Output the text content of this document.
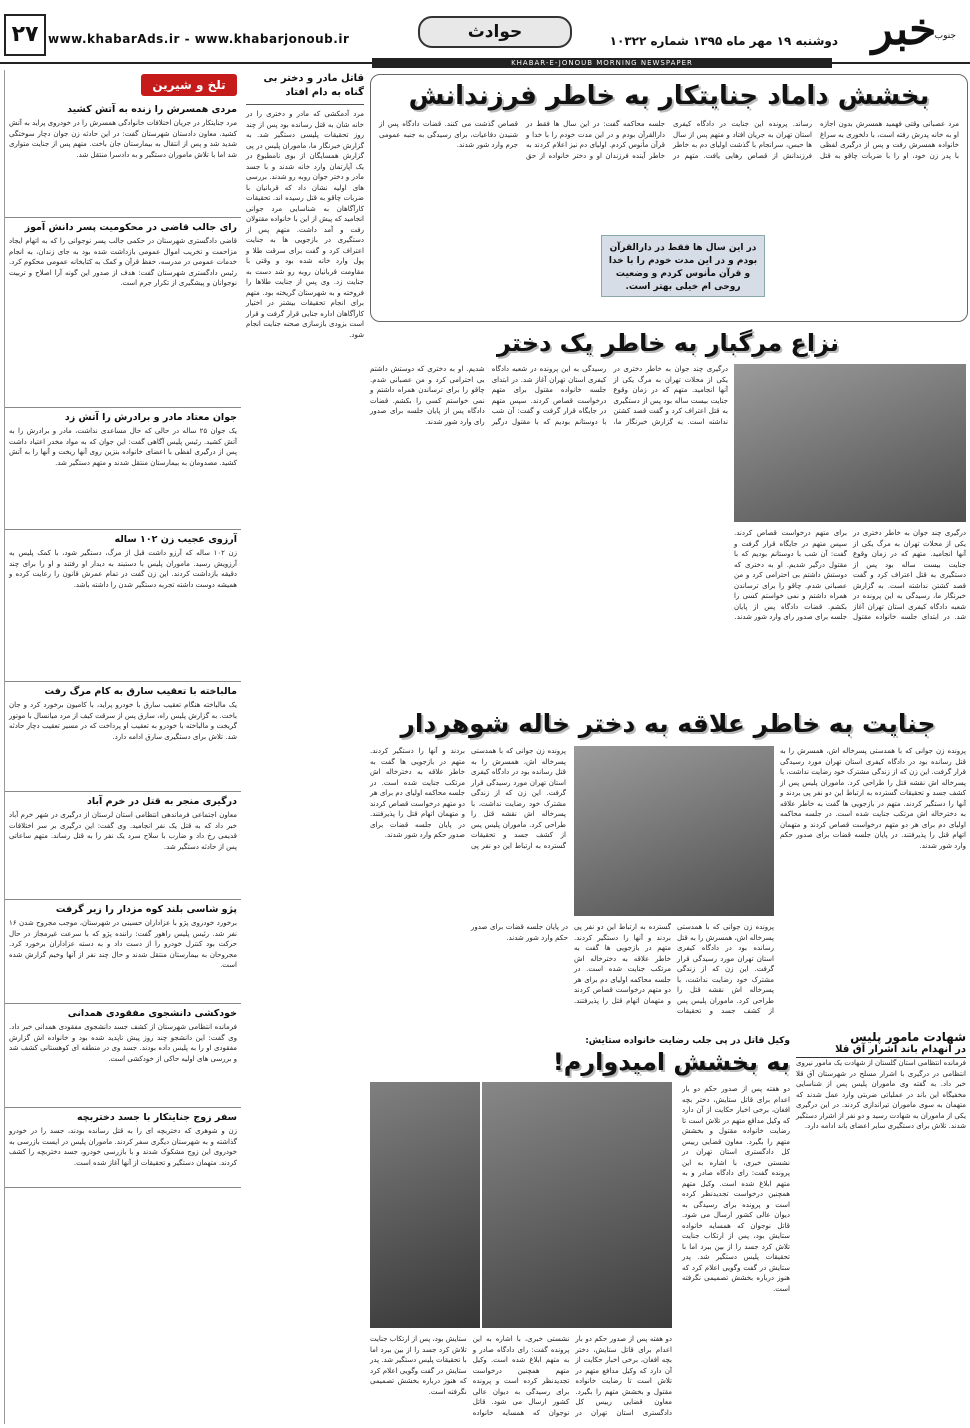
خبر
جنوب
دوشنبه ۱۹ مهر ماه ۱۳۹۵ شماره ۱۰۳۲۲
حوادث
www.khabarAds.ir - www.khabarjonoub.ir
۲۷
KHABAR-E-JONOUB MORNING NEWSPAPER
بخشش داماد جنایتکار به خاطر فرزندانش
مرد عصبانی وقتی فهمید همسرش بدون اجازه او به خانه پدرش رفته است، با دلخوری به سراغ خانواده همسرش رفت و پس از درگیری لفظی با پدر زن خود، او را با ضربات چاقو به قتل رساند. پرونده این جنایت در دادگاه کیفری استان تهران به جریان افتاد و متهم پس از سال ها حبس، سرانجام با گذشت اولیای دم به خاطر فرزندانش از قصاص رهایی یافت. متهم در جلسه محاکمه گفت: در این سال ها فقط در دارالقرآن بودم و در این مدت خودم را با خدا و قرآن مأنوس کردم. اولیای دم نیز اعلام کردند به خاطر آینده فرزندان او و دختر خانواده از حق قصاص گذشت می کنند. قضات دادگاه پس از شنیدن دفاعیات، برای رسیدگی به جنبه عمومی جرم وارد شور شدند.
در این سال ها فقط در دارالقرآن بودم و در این مدت خودم را با خدا و قرآن مأنوس کردم و وضعیت روحی ام خیلی بهتر است.
نزاع مرگبار به خاطر یک دختر
درگیری چند جوان به خاطر دختری در یکی از محلات تهران به مرگ یکی از آنها انجامید. متهم که در زمان وقوع جنایت بیست ساله بود پس از دستگیری به قتل اعتراف کرد و گفت قصد کشتن نداشته است. به گزارش خبرنگار ما، رسیدگی به این پرونده در شعبه دادگاه کیفری استان تهران آغاز شد. در ابتدای جلسه خانواده مقتول برای متهم درخواست قصاص کردند. سپس متهم در جایگاه قرار گرفت و گفت: آن شب با دوستانم بودیم که با مقتول درگیر شدیم. او به دختری که دوستش داشتم بی احترامی کرد و من عصبانی شدم. چاقو را برای ترساندن همراه داشتم و نمی خواستم کسی را بکشم. قضات دادگاه پس از پایان جلسه برای صدور رای وارد شور شدند.
درگیری چند جوان به خاطر دختری در یکی از محلات تهران به مرگ یکی از آنها انجامید. متهم که در زمان وقوع جنایت بیست ساله بود پس از دستگیری به قتل اعتراف کرد و گفت قصد کشتن نداشته است. به گزارش خبرنگار ما، رسیدگی به این پرونده در شعبه دادگاه کیفری استان تهران آغاز شد. در ابتدای جلسه خانواده مقتول برای متهم درخواست قصاص کردند. سپس متهم در جایگاه قرار گرفت و گفت: آن شب با دوستانم بودیم که با مقتول درگیر شدیم. او به دختری که دوستش داشتم بی احترامی کرد و من عصبانی شدم. چاقو را برای ترساندن همراه داشتم و نمی خواستم کسی را بکشم. قضات دادگاه پس از پایان جلسه برای صدور رای وارد شور شدند.
جنایت به خاطر علاقه به دختر خاله شوهردار
پرونده زن جوانی که با همدستی پسرخاله اش، همسرش را به قتل رسانده بود در دادگاه کیفری استان تهران مورد رسیدگی قرار گرفت. این زن که از زندگی مشترک خود رضایت نداشت، با پسرخاله اش نقشه قتل را طراحی کرد. ماموران پلیس پس از کشف جسد و تحقیقات گسترده به ارتباط این دو نفر پی بردند و آنها را دستگیر کردند. متهم در بازجویی ها گفت به خاطر علاقه به دخترخاله اش مرتکب جنایت شده است. در جلسه محاکمه اولیای دم برای هر دو متهم درخواست قصاص کردند و متهمان اتهام قتل را پذیرفتند. در پایان جلسه قضات برای صدور حکم وارد شور شدند.
پرونده زن جوانی که با همدستی پسرخاله اش، همسرش را به قتل رسانده بود در دادگاه کیفری استان تهران مورد رسیدگی قرار گرفت. این زن که از زندگی مشترک خود رضایت نداشت، با پسرخاله اش نقشه قتل را طراحی کرد. ماموران پلیس پس از کشف جسد و تحقیقات گسترده به ارتباط این دو نفر پی بردند و آنها را دستگیر کردند. متهم در بازجویی ها گفت به خاطر علاقه به دخترخاله اش مرتکب جنایت شده است. در جلسه محاکمه اولیای دم برای هر دو متهم درخواست قصاص کردند و متهمان اتهام قتل را پذیرفتند. در پایان جلسه قضات برای صدور حکم وارد شور شدند.
پرونده زن جوانی که با همدستی پسرخاله اش، همسرش را به قتل رسانده بود در دادگاه کیفری استان تهران مورد رسیدگی قرار گرفت. این زن که از زندگی مشترک خود رضایت نداشت، با پسرخاله اش نقشه قتل را طراحی کرد. ماموران پلیس پس از کشف جسد و تحقیقات گسترده به ارتباط این دو نفر پی بردند و آنها را دستگیر کردند. متهم در بازجویی ها گفت به خاطر علاقه به دخترخاله اش مرتکب جنایت شده است. در جلسه محاکمه اولیای دم برای هر دو متهم درخواست قصاص کردند و متهمان اتهام قتل را پذیرفتند. در پایان جلسه قضات برای صدور حکم وارد شور شدند.
شهادت مامور پلیس
در انهدام باند اشرار آق قلا
فرمانده انتظامی استان گلستان از شهادت یک مامور نیروی انتظامی در درگیری با اشرار مسلح در شهرستان آق قلا خبر داد. به گفته وی ماموران پلیس پس از شناسایی مخفیگاه این باند در عملیاتی ضربتی وارد عمل شدند که متهمان به سوی ماموران تیراندازی کردند. در این درگیری یکی از ماموران به شهادت رسید و دو نفر از اشرار دستگیر شدند. تلاش برای دستگیری سایر اعضای باند ادامه دارد.
وکیل قاتل در پی جلب رضایت خانواده ستایش:
به بخشش امیدوارم!
دو هفته پس از صدور حکم دو بار اعدام برای قاتل ستایش، دختر بچه افغان، برخی اخبار حکایت از آن دارد که وکیل مدافع متهم در تلاش است تا رضایت خانواده مقتول و بخشش متهم را بگیرد. معاون قضایی رییس کل دادگستری استان تهران در نشستی خبری، با اشاره به این پرونده گفت: رای دادگاه صادر و به متهم ابلاغ شده است. وکیل متهم همچنین درخواست تجدیدنظر کرده است و پرونده برای رسیدگی به دیوان عالی کشور ارسال می شود. قاتل نوجوان که همسایه خانواده ستایش بود، پس از ارتکاب جنایت تلاش کرد جسد را از بین ببرد اما با تحقیقات پلیس دستگیر شد. پدر ستایش در گفت وگویی اعلام کرد که هنوز درباره بخشش تصمیمی نگرفته است.
دو هفته پس از صدور حکم دو بار اعدام برای قاتل ستایش، دختر بچه افغان، برخی اخبار حکایت از آن دارد که وکیل مدافع متهم در تلاش است تا رضایت خانواده مقتول و بخشش متهم را بگیرد. معاون قضایی رییس کل دادگستری استان تهران در نشستی خبری، با اشاره به این پرونده گفت: رای دادگاه صادر و به متهم ابلاغ شده است. وکیل متهم همچنین درخواست تجدیدنظر کرده است و پرونده برای رسیدگی به دیوان عالی کشور ارسال می شود. قاتل نوجوان که همسایه خانواده ستایش بود، پس از ارتکاب جنایت تلاش کرد جسد را از بین ببرد اما با تحقیقات پلیس دستگیر شد. پدر ستایش در گفت وگویی اعلام کرد که هنوز درباره بخشش تصمیمی نگرفته است.
قاتل مادر و دختر بی گناه به دام افتاد
مرد آدمکشی که مادر و دختری را در خانه شان به قتل رسانده بود پس از چند روز تحقیقات پلیسی دستگیر شد. به گزارش خبرنگار ما، ماموران پلیس در پی گزارش همسایگان از بوی نامطبوع در یک آپارتمان وارد خانه شدند و با جسد مادر و دختر جوان روبه رو شدند. بررسی های اولیه نشان داد که قربانیان با ضربات چاقو به قتل رسیده اند. تحقیقات کارآگاهان به شناسایی مرد جوانی انجامید که پیش از این با خانواده مقتولان رفت و آمد داشت. متهم پس از دستگیری در بازجویی ها به جنایت اعتراف کرد و گفت برای سرقت طلا و پول وارد خانه شده بود و وقتی با مقاومت قربانیان روبه رو شد دست به جنایت زد. وی پس از جنایت طلاها را فروخته و به شهرستان گریخته بود. متهم برای انجام تحقیقات بیشتر در اختیار کارآگاهان اداره جنایی قرار گرفت و قرار است بزودی بازسازی صحنه جنایت انجام شود.
تلخ و شیرین
مردی همسرش را زنده به آتش کشید
مرد جنایتکار در جریان اختلافات خانوادگی همسرش را در خودروی پراید به آتش کشید. معاون دادستان شهرستان گفت: در این حادثه زن جوان دچار سوختگی شدید شد و پس از انتقال به بیمارستان جان باخت. متهم پس از جنایت متواری شد اما با تلاش ماموران دستگیر و به دادسرا منتقل شد.
رای جالب قاضی در محکومیت پسر دانش آموز
قاضی دادگستری شهرستان در حکمی جالب پسر نوجوانی را که به اتهام ایجاد مزاحمت و تخریب اموال عمومی بازداشت شده بود به جای زندان، به انجام خدمات عمومی در مدرسه، حفظ قرآن و کمک به کتابخانه عمومی محکوم کرد. رئیس دادگستری شهرستان گفت: هدف از صدور این گونه آرا اصلاح و تربیت نوجوانان و پیشگیری از تکرار جرم است.
جوان معتاد مادر و برادرش را آتش زد
یک جوان ۲۵ ساله در حالی که حال مساعدی نداشت، مادر و برادرش را به آتش کشید. رئیس پلیس آگاهی گفت: این جوان که به مواد مخدر اعتیاد داشت پس از درگیری لفظی با اعضای خانواده بنزین روی آنها ریخت و آنها را به آتش کشید. مصدومان به بیمارستان منتقل شدند و متهم دستگیر شد.
آرزوی عجیب زن ۱۰۲ ساله
زن ۱۰۲ ساله که آرزو داشت قبل از مرگ، دستگیر شود، با کمک پلیس به آرزویش رسید. ماموران پلیس با دستبند به دیدار او رفتند و او را برای چند دقیقه بازداشت کردند. این زن گفت در تمام عمرش قانون را رعایت کرده و همیشه دوست داشته تجربه دستگیر شدن را داشته باشد.
مالباخته با تعقیب سارق به کام مرگ رفت
یک مالباخته هنگام تعقیب سارق با خودرو پراید، با کامیون برخورد کرد و جان باخت. به گزارش پلیس راه، سارق پس از سرقت کیف از مرد میانسال با موتور گریخت و مالباخته با خودرو به تعقیب او پرداخت که در مسیر تعقیب دچار حادثه شد. تلاش برای دستگیری سارق ادامه دارد.
درگیری منجر به قتل در خرم آباد
معاون اجتماعی فرماندهی انتظامی استان لرستان از درگیری در شهر خرم آباد خبر داد که به قتل یک نفر انجامید. وی گفت: این درگیری بر سر اختلافات قدیمی رخ داد و ضارب با سلاح سرد یک نفر را به قتل رساند. متهم ساعاتی پس از حادثه دستگیر شد.
پژو شاسی بلند کوه مزدار را زیر گرفت
برخورد خودروی پژو با عزاداران حسینی در شهرستان، موجب مجروح شدن ۱۶ نفر شد. رئیس پلیس راهور گفت: راننده پژو که با سرعت غیرمجاز در حال حرکت بود کنترل خودرو را از دست داد و به دسته عزاداران برخورد کرد. مجروحان به بیمارستان منتقل شدند و حال چند نفر از آنها وخیم گزارش شده است.
خودکشی دانشجوی مفقودی همدانی
فرمانده انتظامی شهرستان از کشف جسد دانشجوی مفقودی همدانی خبر داد. وی گفت: این دانشجو چند روز پیش ناپدید شده بود و خانواده اش گزارش مفقودی او را به پلیس داده بودند. جسد وی در منطقه ای کوهستانی کشف شد و بررسی های اولیه حاکی از خودکشی است.
سفر زوج جنایتکار با جسد دختربچه
زن و شوهری که دختربچه ای را به قتل رسانده بودند، جسد را در خودرو گذاشته و به شهرستان دیگری سفر کردند. ماموران پلیس در ایست بازرسی به خودروی این زوج مشکوک شدند و با بازرسی خودرو، جسد دختربچه را کشف کردند. متهمان دستگیر و تحقیقات از آنها آغاز شده است.
